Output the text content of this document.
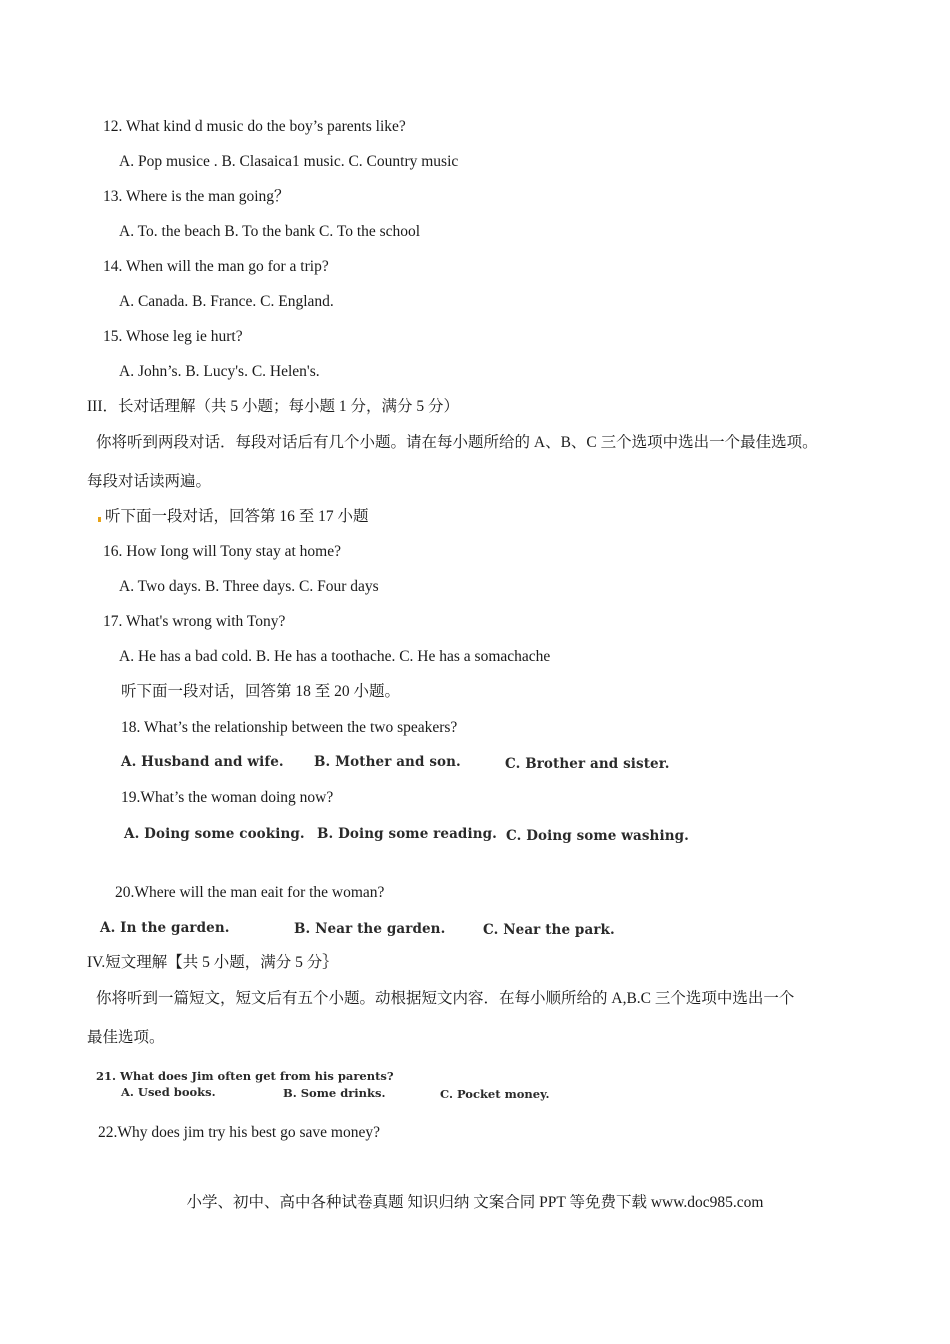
12. What kind d music do the boy’s parents like?
A. Pop musice . B. Clasaica1 music. C. Country music
13. Where is the man going？
A. To. the beach B. To the bank C. To the school
14. When will the man go for a trip?
A. Canada. B. France. C. England.
15. Whose leg ie hurt?
A. John’s. B. Lucy's. C. Helen's.
III．长对话理解（共 5 小题；每小题 1 分，满分 5 分）
你将听到两段对话．每段对话后有几个小题。请在每小题所给的 A、B、C 三个选项中选出一个最佳选项。
每段对话读两遍。
听下面一段对话，回答第 16 至 17 小题
16. How Iong will Tony stay at home?
A. Two days. B. Three days. C. Four days
17. What's wrong with Tony?
A. He has a bad cold. B. He has a toothache. C. He has a somachache
听下面一段对话，回答第 18 至 20 小题。
18. What’s the relationship between the two speakers?
A. Husband and wife. B. Mother and son.	C. Brother and sister.
19.What’s the woman doing now?
A. Doing some cooking. B. Doing some reading. C. Doing some washing.
20.Where will the man eait for the woman?
A. In the garden.	B. Near the garden.	C. Near the park.
IV.短文理解【共 5 小题，满分 5 分｝
你将听到一篇短文，短文后有五个小题。动根据短文内容．在每小顺所给的 A,B.C 三个选项中选出一个
最佳选项。
21. What does Jim often get from his parents?
A. Used books.	B. Some drinks.	C. Pocket money.
22.Why does jim try his best go save money?
小学、初中、高中各种试卷真题 知识归纳 文案合同 PPT 等免费下载 www.doc985.com
